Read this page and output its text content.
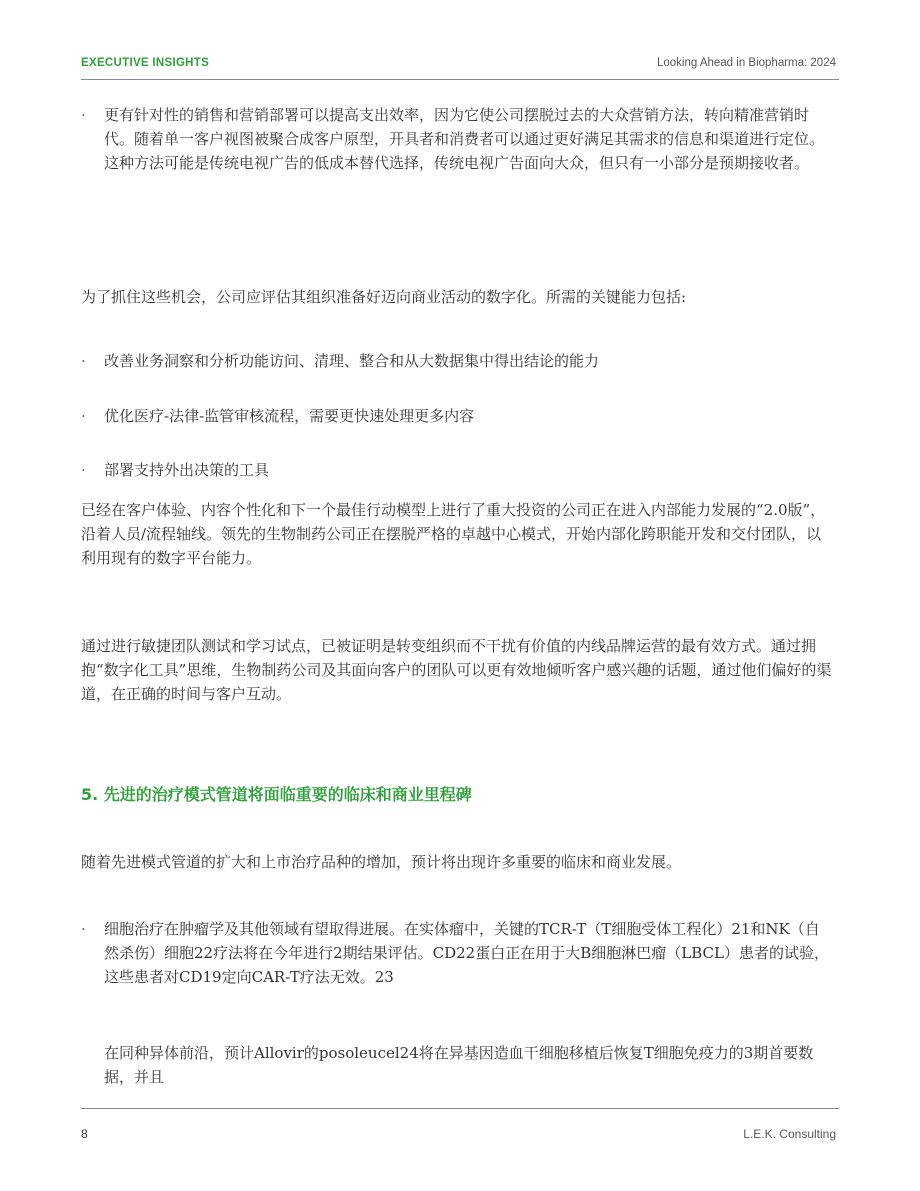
EXECUTIVE INSIGHTS	Looking Ahead in Biopharma: 2024
·	更有针对性的销售和营销部署可以提高支出效率，因为它使公司摆脱过去的大众营销方法，转向精准营销时代。随着单一客户视图被聚合成客户原型，开具者和消费者可以通过更好满足其需求的信息和渠道进行定位。这种方法可能是传统电视广告的低成本替代选择，传统电视广告面向大众，但只有一小部分是预期接收者。

为了抓住这些机会，公司应评估其组织准备好迈向商业活动的数字化。所需的关键能力包括:

·	改善业务洞察和分析功能访问、清理、整合和从大数据集中得出结论的能力
·	优化医疗-法律-监管审核流程，需要更快速处理更多内容
·	部署支持外出决策的工具

已经在客户体验、内容个性化和下一个最佳行动模型上进行了重大投资的公司正在进入内部能力发展的“2.0版”，沿着人员/流程轴线。领先的生物制药公司正在摆脱严格的卓越中心模式，开始内部化跨职能开发和交付团队，以利用现有的数字平台能力。

通过进行敏捷团队测试和学习试点，已被证明是转变组织而不干扰有价值的内线品牌运营的最有效方式。通过拥抱“数字化工具”思维，生物制药公司及其面向客户的团队可以更有效地倾听客户感兴趣的话题，通过他们偏好的渠道，在正确的时间与客户互动。

5. 先进的治疗模式管道将面临重要的临床和商业里程碑

随着先进模式管道的扩大和上市治疗品种的增加，预计将出现许多重要的临床和商业发展。

·	细胞治疗在肿瘤学及其他领域有望取得进展。在实体瘤中，关键的TCR-T（T细胞受体工程化）21和NK（自然杀伤）细胞22疗法将在今年进行2期结果评估。CD22蛋白正在用于大B细胞淋巴瘤（LBCL）患者的试验，这些患者对CD19定向CAR-T疗法无效。23

在同种异体前沿，预计Allovir的posoleucel24将在异基因造血干细胞移植后恢复T细胞免疫力的3期首要数据，并且

8	L.E.K. Consulting
